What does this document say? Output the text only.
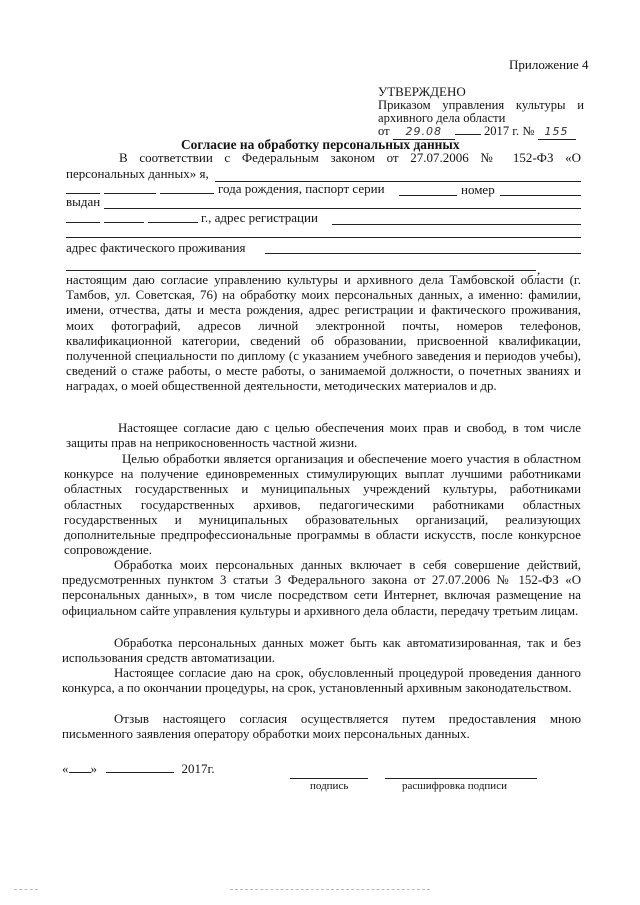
Приложение 4
УТВЕРЖДЕНО
Приказом управления культуры и
архивного дела области
от 29.08	2017 г. № 155
Согласие на обработку персональных данных
В соответствии с Федеральным законом от 27.07.2006 № 152-ФЗ «О
персональных данных» я,
года рождения, паспорт серии	номер
выдан
г., адрес регистрации
адрес фактического проживания
,
настоящим даю согласие управлению культуры и архивного дела Тамбовской области (г. Тамбов, ул. Советская, 76) на обработку моих персональных данных, а именно: фамилии, имени, отчества, даты и места рождения, адрес регистрации и фактического проживания, моих фотографий, адресов личной электронной почты, номеров телефонов, квалификационной категории, сведений об образовании, присвоенной квалификации, полученной специальности по диплому (с указанием учебного заведения и периодов учебы), сведений о стаже работы, о месте работы, о занимаемой должности, о почетных званиях и наградах, о моей общественной деятельности, методических материалов и др.
Настоящее согласие даю с целью обеспечения моих прав и свобод, в том числе защиты прав на неприкосновенность частной жизни.
Целью обработки является организация и обеспечение моего участия в областном конкурсе на получение единовременных стимулирующих выплат лучшими работниками областных государственных и муниципальных учреждений культуры, работниками областных государственных архивов, педагогическими работниками областных государственных и муниципальных образовательных организаций, реализующих дополнительные предпрофессиональные программы в области искусств, после конкурсное сопровождение.
Обработка моих персональных данных включает в себя совершение действий, предусмотренных пунктом 3 статьи 3 Федерального закона от 27.07.2006 № 152-ФЗ «О персональных данных», в том числе посредством сети Интернет, включая размещение на официальном сайте управления культуры и архивного дела области, передачу третьим лицам.
Обработка персональных данных может быть как автоматизированная, так и без использования средств автоматизации.
Настоящее согласие даю на срок, обусловленный процедурой проведения данного конкурса, а по окончании процедуры, на срок, установленный архивным законодательством.
Отзыв настоящего согласия осуществляется путем предоставления мною письменного заявления оператору обработки моих персональных данных.
« »	2017г.
подпись	расшифровка подписи
